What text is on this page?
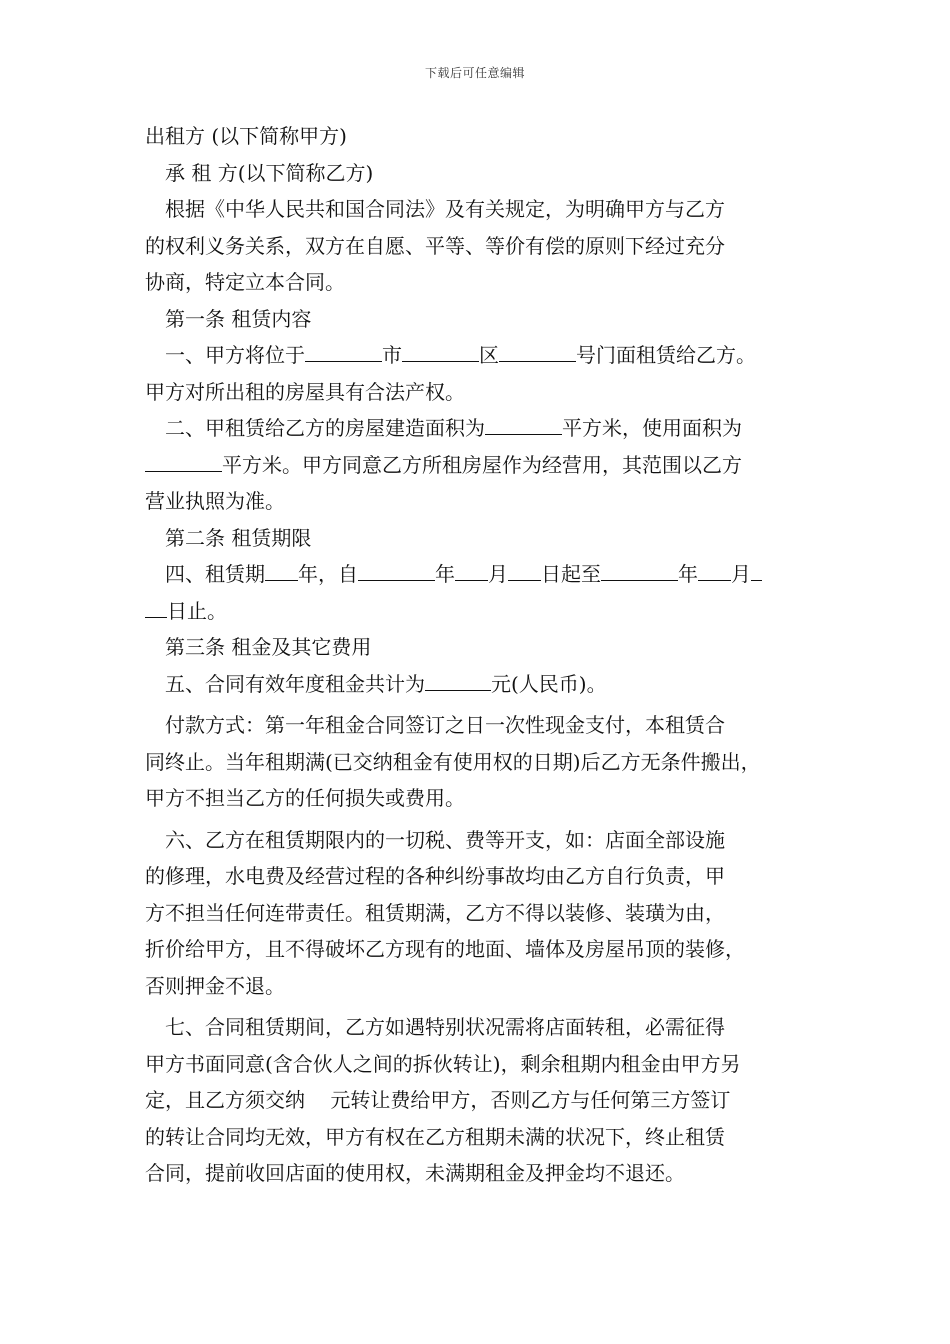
下载后可任意编辑
出租方 (以下简称甲方)
承 租 方(以下简称乙方)
根据《中华人民共和国合同法》及有关规定，为明确甲方与乙方
的权利义务关系，双方在自愿、平等、等价有偿的原则下经过充分
协商，特定立本合同。
第一条 租赁内容
一、甲方将位于	市	区	号门面租赁给乙方。
甲方对所出租的房屋具有合法产权。
二、甲租赁给乙方的房屋建造面积为	平方米，使用面积为
平方米。甲方同意乙方所租房屋作为经营用，其范围以乙方
营业执照为准。
第二条 租赁期限
四、租赁期 年，自	年 月 日起至	年 月
日止。
第三条 租金及其它费用
五、合同有效年度租金共计为	元(人民币)。
付款方式：第一年租金合同签订之日一次性现金支付，本租赁合
同终止。当年租期满(已交纳租金有使用权的日期)后乙方无条件搬出，
甲方不担当乙方的任何损失或费用。
六、乙方在租赁期限内的一切税、费等开支，如：店面全部设施
的修理，水电费及经营过程的各种纠纷事故均由乙方自行负责，甲
方不担当任何连带责任。租赁期满，乙方不得以装修、装璜为由，
折价给甲方，且不得破坏乙方现有的地面、墙体及房屋吊顶的装修，
否则押金不退。
七、合同租赁期间，乙方如遇特别状况需将店面转租，必需征得
甲方书面同意(含合伙人之间的拆伙转让)，剩余租期内租金由甲方另
定，且乙方须交纳    元转让费给甲方，否则乙方与任何第三方签订
的转让合同均无效，甲方有权在乙方租期未满的状况下，终止租赁
合同，提前收回店面的使用权，未满期租金及押金均不退还。
